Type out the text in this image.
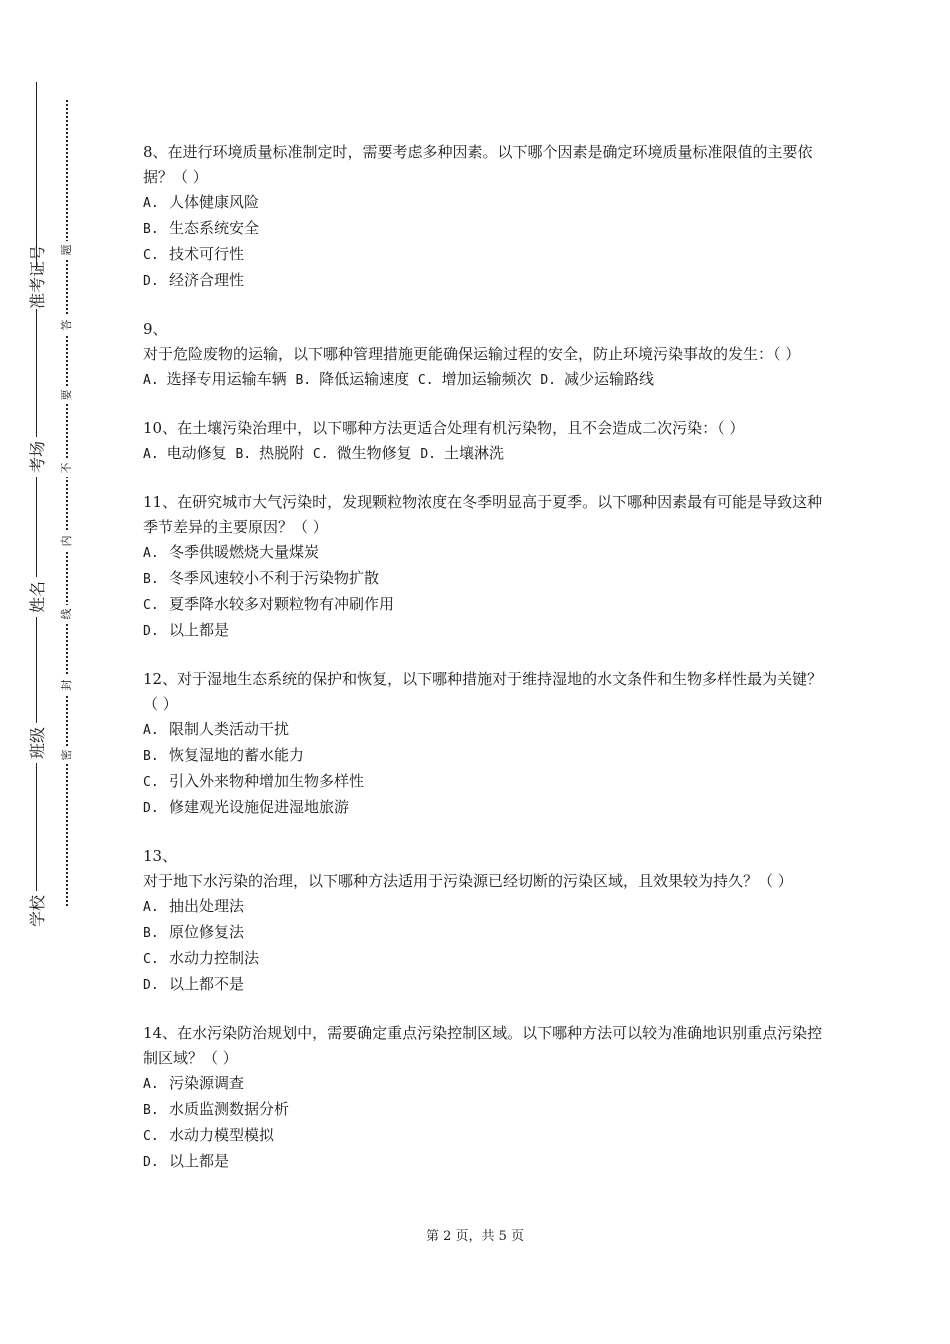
准考证号
考场
姓名
班级
学校
题
答
要
不
内
线
封
密

8、在进行环境质量标准制定时，需要考虑多种因素。以下哪个因素是确定环境质量标准限值的主要依据？（ ）

A. 人体健康风险

B. 生态系统安全

C. 技术可行性

D. 经济合理性

9、对于危险废物的运输，以下哪种管理措施更能确保运输过程的安全，防止环境污染事故的发生：（ ）

A. 选择专用运输车辆 B. 降低运输速度 C. 增加运输频次 D. 减少运输路线

10、在土壤污染治理中，以下哪种方法更适合处理有机污染物，且不会造成二次污染：（ ）

A. 电动修复 B. 热脱附 C. 微生物修复 D. 土壤淋洗

11、在研究城市大气污染时，发现颗粒物浓度在冬季明显高于夏季。以下哪种因素最有可能是导致这种季节差异的主要原因？（ ）

A. 冬季供暖燃烧大量煤炭

B. 冬季风速较小不利于污染物扩散

C. 夏季降水较多对颗粒物有冲刷作用

D. 以上都是

12、对于湿地生态系统的保护和恢复，以下哪种措施对于维持湿地的水文条件和生物多样性最为关键？（ ）

A. 限制人类活动干扰

B. 恢复湿地的蓄水能力

C. 引入外来物种增加生物多样性

D. 修建观光设施促进湿地旅游

13、对于地下水污染的治理，以下哪种方法适用于污染源已经切断的污染区域，且效果较为持久？（ ）

A. 抽出处理法

B. 原位修复法

C. 水动力控制法

D. 以上都不是

14、在水污染防治规划中，需要确定重点污染控制区域。以下哪种方法可以较为准确地识别重点污染控制区域？（ ）

A. 污染源调查

B. 水质监测数据分析

C. 水动力模型模拟

D. 以上都是

第 2 页，共 5 页
